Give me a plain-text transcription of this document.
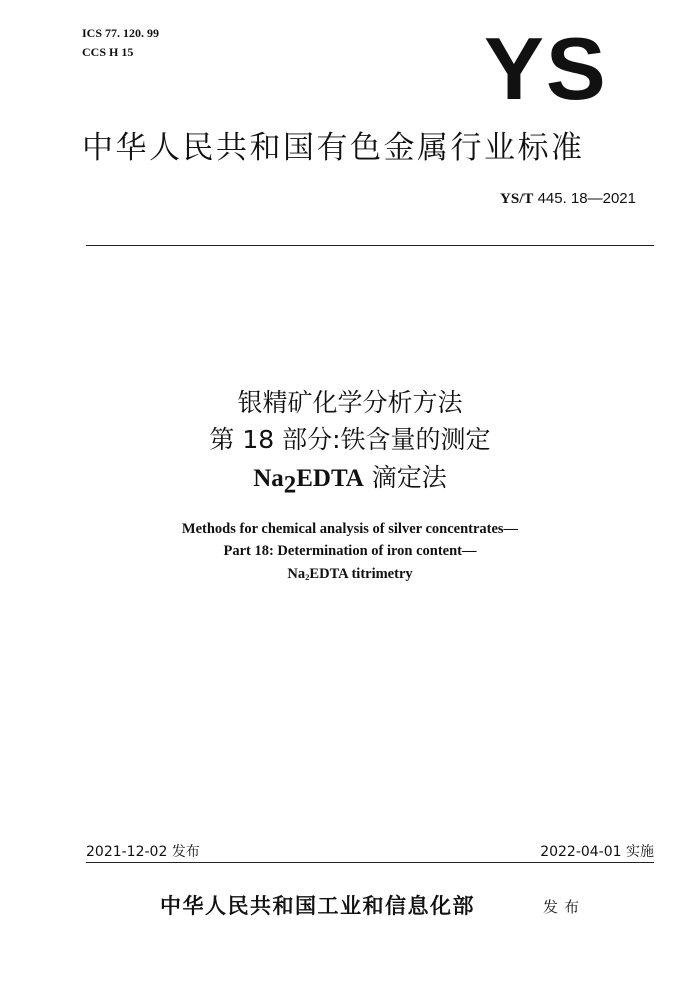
ICS 77. 120. 99
CCS H 15	YS
中华人民共和国有色金属行业标准
YS/T 445. 18—2021
银精矿化学分析方法
第 18 部分:铁含量的测定
$Na_2EDTA$ 滴定法
Methods for chemical analysis of silver concentrates—
Part 18: Determination of iron content—
$Na_2EDTA$ titrimetry
2021-12-02 发布	2022-04-01 实施
中华人民共和国工业和信息化部	发布
